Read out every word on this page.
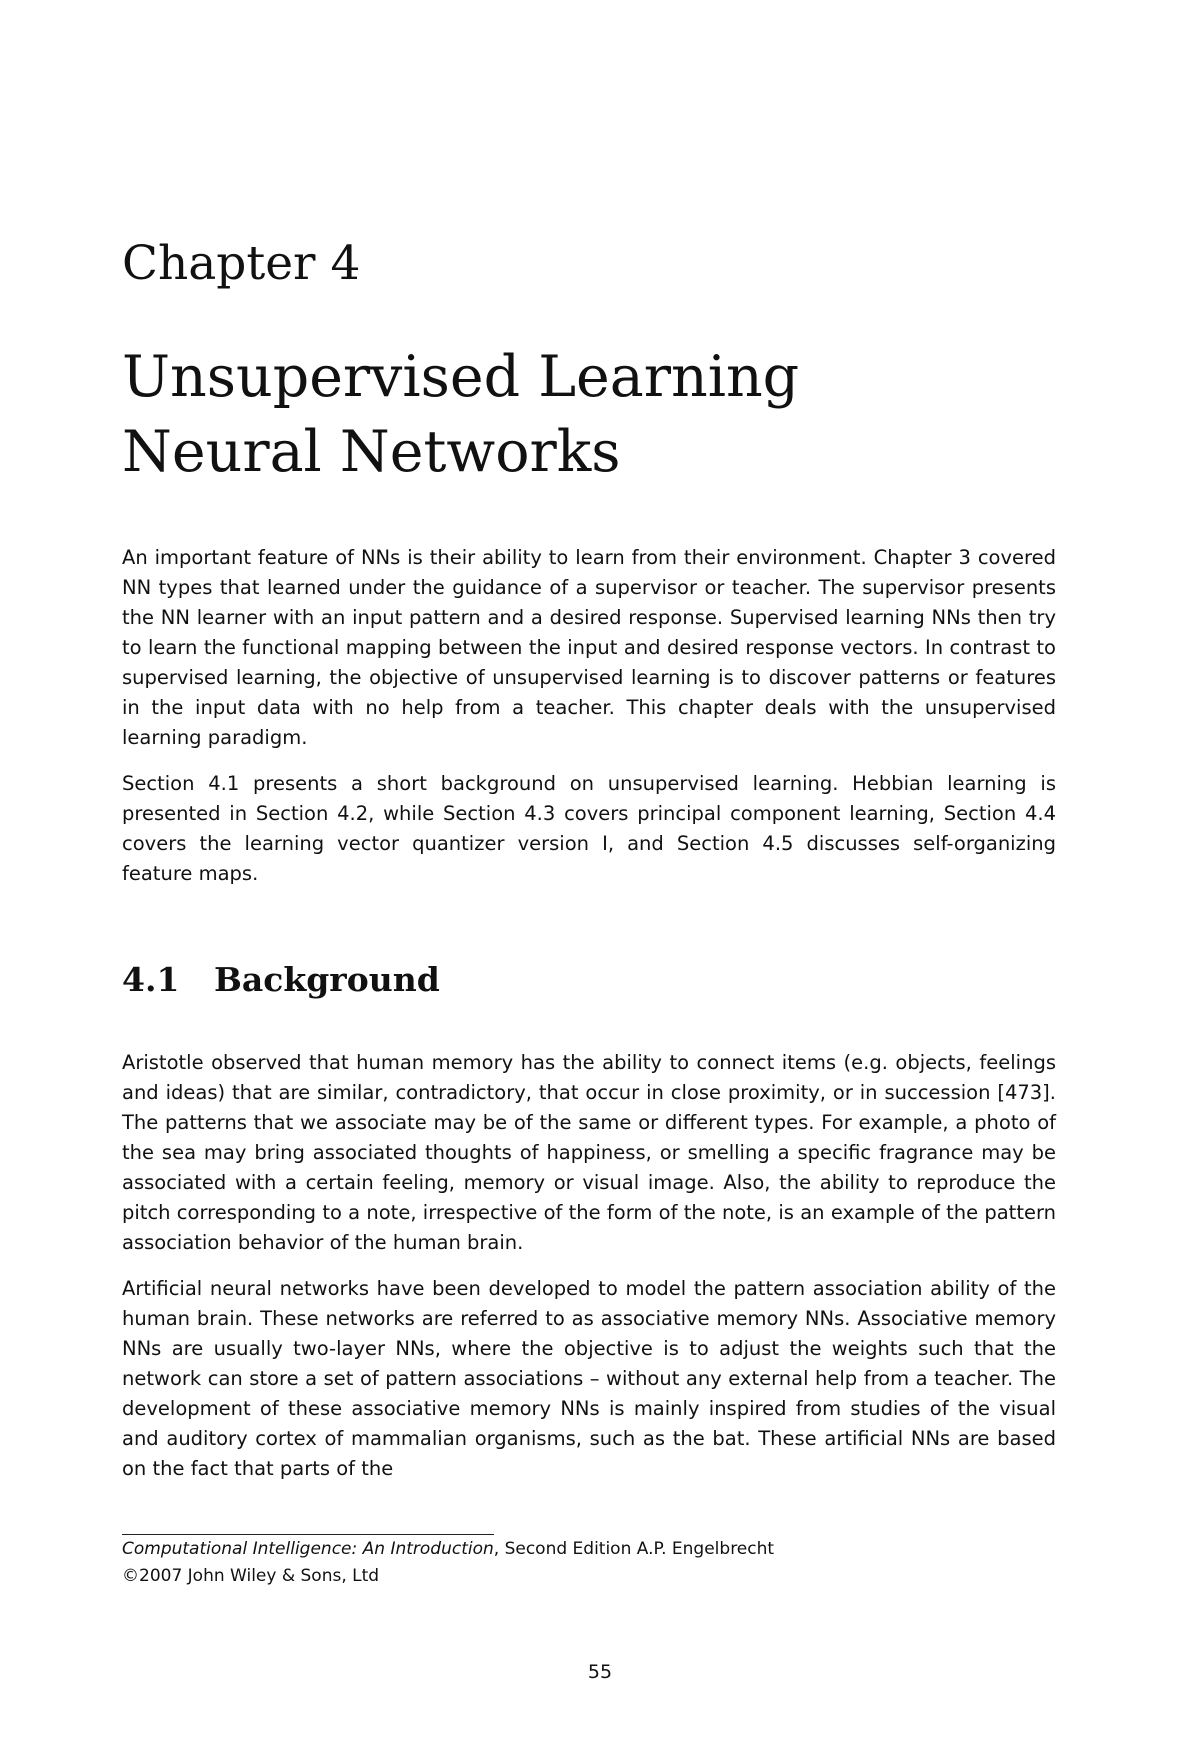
Chapter 4
Unsupervised Learning
Neural Networks

An important feature of NNs is their ability to learn from their environment. Chapter 3 covered NN types that learned under the guidance of a supervisor or teacher. The supervisor presents the NN learner with an input pattern and a desired response. Supervised learning NNs then try to learn the functional mapping between the input and desired response vectors. In contrast to supervised learning, the objective of unsupervised learning is to discover patterns or features in the input data with no help from a teacher. This chapter deals with the unsupervised learning paradigm.

Section 4.1 presents a short background on unsupervised learning. Hebbian learning is presented in Section 4.2, while Section 4.3 covers principal component learning, Section 4.4 covers the learning vector quantizer version I, and Section 4.5 discusses self-organizing feature maps.

4.1 Background

Aristotle observed that human memory has the ability to connect items (e.g. objects, feelings and ideas) that are similar, contradictory, that occur in close proximity, or in succession [473]. The patterns that we associate may be of the same or different types. For example, a photo of the sea may bring associated thoughts of happiness, or smelling a specific fragrance may be associated with a certain feeling, memory or visual image. Also, the ability to reproduce the pitch corresponding to a note, irrespective of the form of the note, is an example of the pattern association behavior of the human brain.

Artificial neural networks have been developed to model the pattern association ability of the human brain. These networks are referred to as associative memory NNs. Associative memory NNs are usually two-layer NNs, where the objective is to adjust the weights such that the network can store a set of pattern associations – without any external help from a teacher. The development of these associative memory NNs is mainly inspired from studies of the visual and auditory cortex of mammalian organisms, such as the bat. These artificial NNs are based on the fact that parts of the

Computational Intelligence: An Introduction, Second Edition A.P. Engelbrecht
©2007 John Wiley & Sons, Ltd
55
